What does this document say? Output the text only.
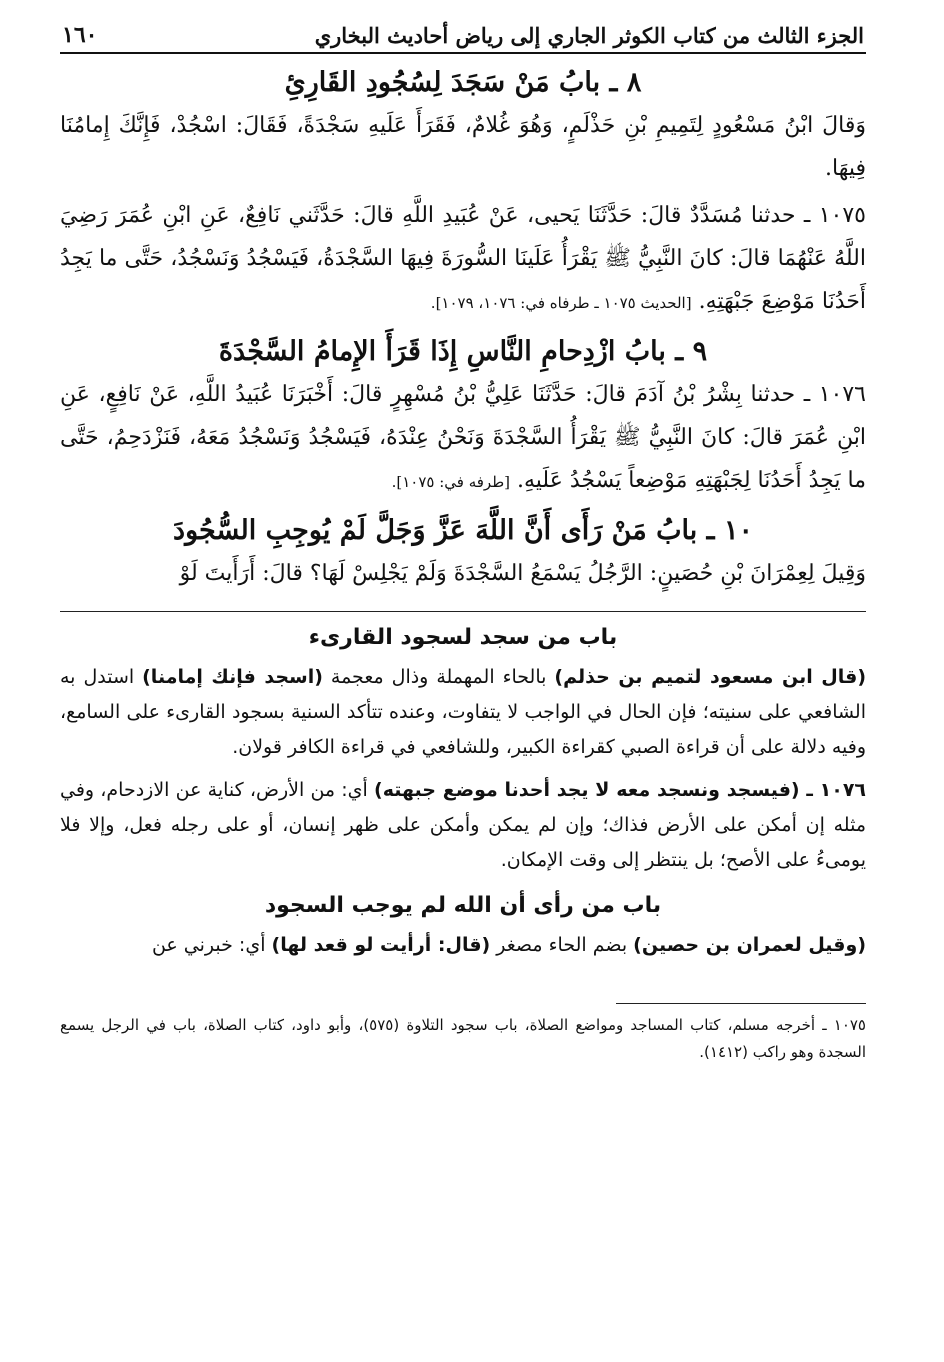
الجزء الثالث من كتاب الكوثر الجاري إلى رياض أحاديث البخاري
١٦٠
٨ ـ بابُ مَنْ سَجَدَ لِسُجُودِ القَارِئِ

وَقالَ ابْنُ مَسْعُودٍ لِتَمِيمِ بْنِ حَذْلَمٍ، وَهُوَ غُلامٌ، فَقَرَأَ عَلَيهِ سَجْدَةً، فَقَالَ: اسْجُدْ، فَإِنَّكَ إِمامُنَا فِيهَا.

١٠٧٥ ـ حدثنا مُسَدَّدٌ قالَ: حَدَّثَنَا يَحيى، عَنْ عُبَيدِ اللَّهِ قالَ: حَدَّثَني نَافِعٌ، عَنِ ابْنِ عُمَرَ رَضِيَ اللَّهُ عَنْهُمَا قالَ: كانَ النَّبِيُّ ﷺ يَقْرَأُ عَلَينَا السُّورَةَ فِيهَا السَّجْدَةُ، فَيَسْجُدُ وَنَسْجُدُ، حَتَّى ما يَجِدُ أَحَدُنَا مَوْضِعَ جَبْهَتِهِ. [الحديث ١٠٧٥ ـ طرفاه في: ١٠٧٦، ١٠٧٩].

٩ ـ بابُ ازْدِحامِ النَّاسِ إِذَا قَرَأَ الإِمامُ السَّجْدَةَ

١٠٧٦ ـ حدثنا بِشْرُ بْنُ آدَمَ قالَ: حَدَّثَنَا عَلِيُّ بْنُ مُسْهِرٍ قالَ: أَخْبَرَنَا عُبَيدُ اللَّهِ، عَنْ نَافِعٍ، عَنِ ابْنِ عُمَرَ قالَ: كانَ النَّبِيُّ ﷺ يَقْرَأُ السَّجْدَةَ وَنَحْنُ عِنْدَهُ، فَيَسْجُدُ وَنَسْجُدُ مَعَهُ، فَنَزْدَحِمُ، حَتَّى ما يَجِدُ أَحَدُنَا لِجَبْهَتِهِ مَوْضِعاً يَسْجُدُ عَلَيهِ. [طرفه في: ١٠٧٥].

١٠ ـ بابُ مَنْ رَأَى أَنَّ اللَّهَ عَزَّ وَجَلَّ لَمْ يُوجِبِ السُّجُودَ

وَقِيلَ لِعِمْرَانَ بْنِ حُصَينٍ: الرَّجُلُ يَسْمَعُ السَّجْدَةَ وَلَمْ يَجْلِسْ لَهَا؟ قالَ: أَرَأَيتَ لَوْ

باب من سجد لسجود القارىء

(قال ابن مسعود لتميم بن حذلم) بالحاء المهملة وذال معجمة (اسجد فإنك إمامنا) استدل به الشافعي على سنيته؛ فإن الحال في الواجب لا يتفاوت، وعنده تتأكد السنية بسجود القارىء على السامع، وفيه دلالة على أن قراءة الصبي كقراءة الكبير، وللشافعي في قراءة الكافر قولان.

١٠٧٦ ـ (فيسجد ونسجد معه لا يجد أحدنا موضع جبهته) أي: من الأرض، كناية عن الازدحام، وفي مثله إن أمكن على الأرض فذاك؛ وإن لم يمكن وأمكن على ظهر إنسان، أو على رجله فعل، وإلا فلا يومىءُ على الأصح؛ بل ينتظر إلى وقت الإمكان.

باب من رأى أن الله لم يوجب السجود

(وقيل لعمران بن حصين) بضم الحاء مصغر (قال: أرأيت لو قعد لها) أي: خبرني عن

١٠٧٥ ـ أخرجه مسلم، كتاب المساجد ومواضع الصلاة، باب سجود التلاوة (٥٧٥)، وأبو داود، كتاب الصلاة، باب في الرجل يسمع السجدة وهو راكب (١٤١٢).
